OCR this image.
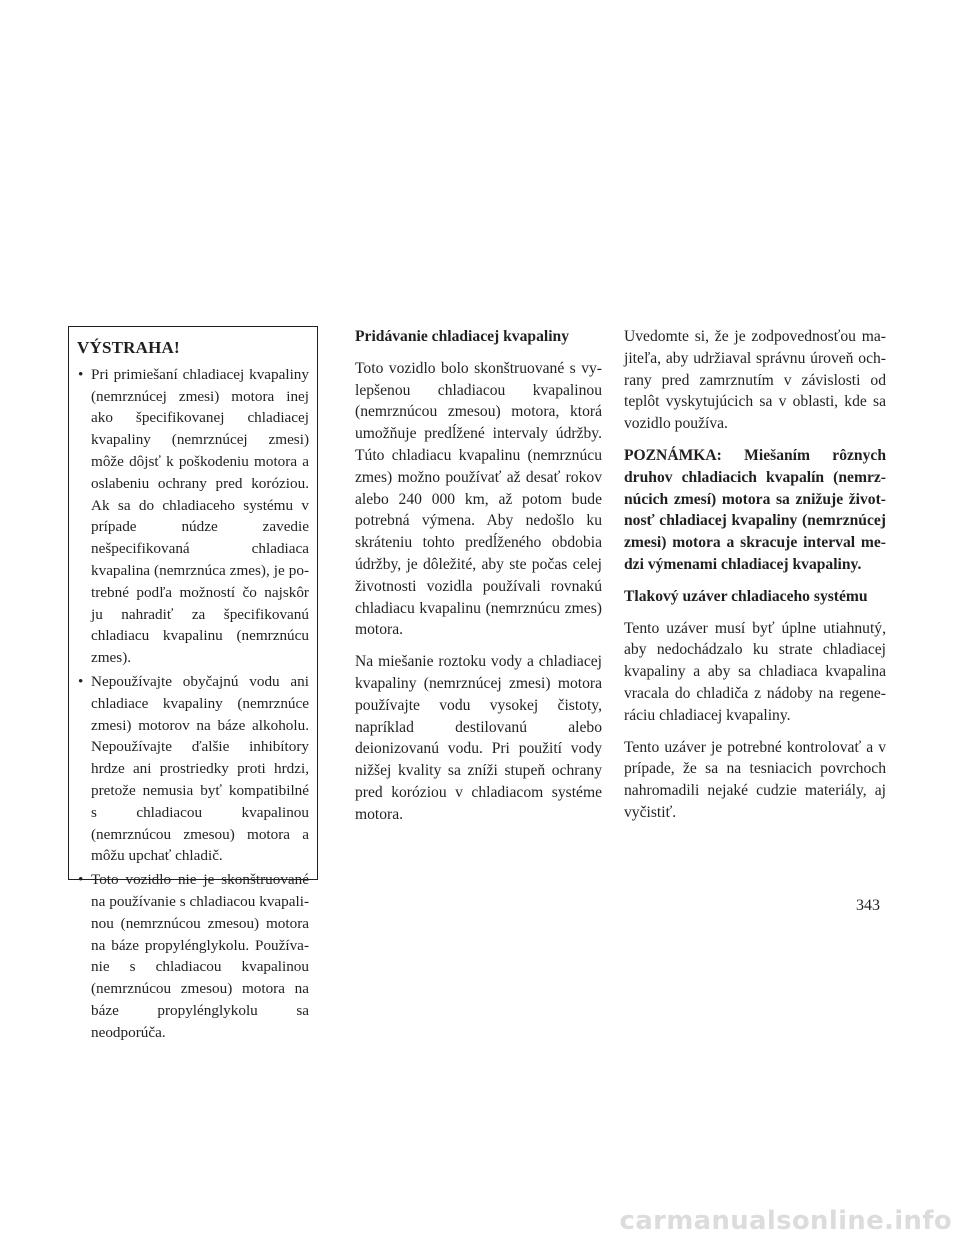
VÝSTRAHA!
• Pri primiešaní chladiacej kvapaliny (nemrznúcej zmesi) motora inej ako špecifikovanej chladiacej kvapaliny (nemrznúcej zmesi) môže dôjsť k poškodeniu motora a oslabeniu ochrany pred koróziou. Ak sa do chladiaceho systému v prípade núdze zavedie nešpecifikovaná chladiaca kvapalina (nemrznúca zmes), je potrebné podľa možností čo najskôr ju nahradiť za špecifikovanú chladiacu kvapalinu (nemrznúcu zmes).
• Nepoužívajte obyčajnú vodu ani chladiace kvapaliny (nemrznúce zmesi) motorov na báze alkoholu. Nepoužívajte ďalšie inhibítory hrdze ani prostriedky proti hrdzi, pretože nemusia byť kompatibilné s chladiacou kvapalinou (nemrznúcou zmesou) motora a môžu upchať chladič.
• Toto vozidlo nie je skonštruované na používanie s chladiacou kvapalinou (nemrznúcou zmesou) motora na báze propylénglykolu. Používanie s chladiacou kvapalinou (nemrznúcou zmesou) motora na báze propylénglykolu sa neodporúča.

Pridávanie chladiacej kvapaliny

Toto vozidlo bolo skonštruované s vylepšenou chladiacou kvapalinou (nemrznúcou zmesou) motora, ktorá umožňuje predĺžené intervaly údržby. Túto chladiacu kvapalinu (nemrznúcu zmes) možno používať až desať rokov alebo 240 000 km, až potom bude potrebná výmena. Aby nedošlo ku skráteniu tohto predĺženého obdobia údržby, je dôležité, aby ste počas celej životnosti vozidla používali rovnakú chladiacu kvapalinu (nemrznúcu zmes) motora.

Na miešanie roztoku vody a chladiacej kvapaliny (nemrznúcej zmesi) motora používajte vodu vysokej čistoty, napríklad destilovanú alebo deionizovanú vodu. Pri použití vody nižšej kvality sa zníži stupeň ochrany pred koróziou v chladiacom systéme motora.

Uvedomte si, že je zodpovednosťou majiteľa, aby udržiaval správnu úroveň ochrany pred zamrznutím v závislosti od teplôt vyskytujúcich sa v oblasti, kde sa vozidlo používa.

POZNÁMKA: Miešaním rôznych druhov chladiacich kvapalín (nemrznúcich zmesí) motora sa znižuje životnosť chladiacej kvapaliny (nemrznúcej zmesi) motora a skracuje interval medzi výmenami chladiacej kvapaliny.

Tlakový uzáver chladiaceho systému

Tento uzáver musí byť úplne utiahnutý, aby nedochádzalo ku strate chladiacej kvapaliny a aby sa chladiaca kvapalina vracala do chladiča z nádoby na regeneráciu chladiacej kvapaliny.

Tento uzáver je potrebné kontrolovať a v prípade, že sa na tesniacich povrchoch nahromadili nejaké cudzie materiály, aj vyčistiť.

343
carmanualsonline.info
